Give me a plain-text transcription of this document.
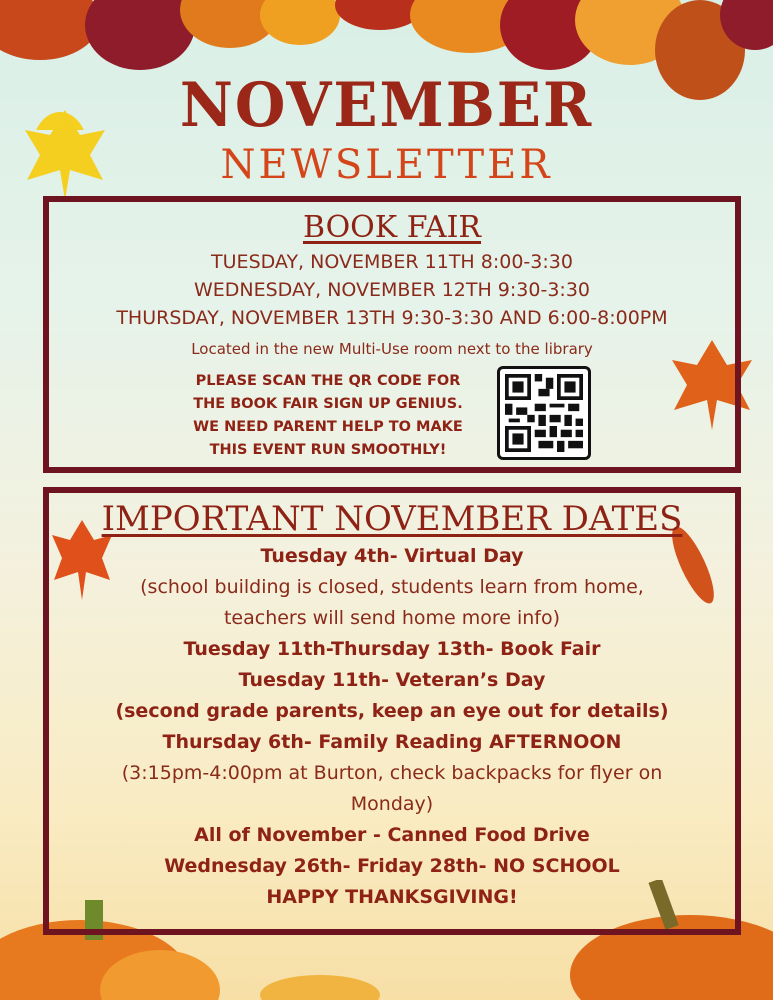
NOVEMBER
NEWSLETTER
BOOK FAIR
TUESDAY, NOVEMBER 11TH 8:00-3:30
WEDNESDAY, NOVEMBER 12TH 9:30-3:30
THURSDAY, NOVEMBER 13TH 9:30-3:30 AND 6:00-8:00PM
Located in the new Multi-Use room next to the library
PLEASE SCAN THE QR CODE FOR
THE BOOK FAIR SIGN UP GENIUS.
WE NEED PARENT HELP TO MAKE
THIS EVENT RUN SMOOTHLY!
IMPORTANT NOVEMBER DATES
Tuesday 4th- Virtual Day
(school building is closed, students learn from home,
teachers will send home more info)
Tuesday 11th-Thursday 13th- Book Fair
Tuesday 11th- Veteran’s Day
(second grade parents, keep an eye out for details)
Thursday 6th- Family Reading AFTERNOON
(3:15pm-4:00pm at Burton, check backpacks for flyer on
Monday)
All of November - Canned Food Drive
Wednesday 26th- Friday 28th- NO SCHOOL
HAPPY THANKSGIVING!
